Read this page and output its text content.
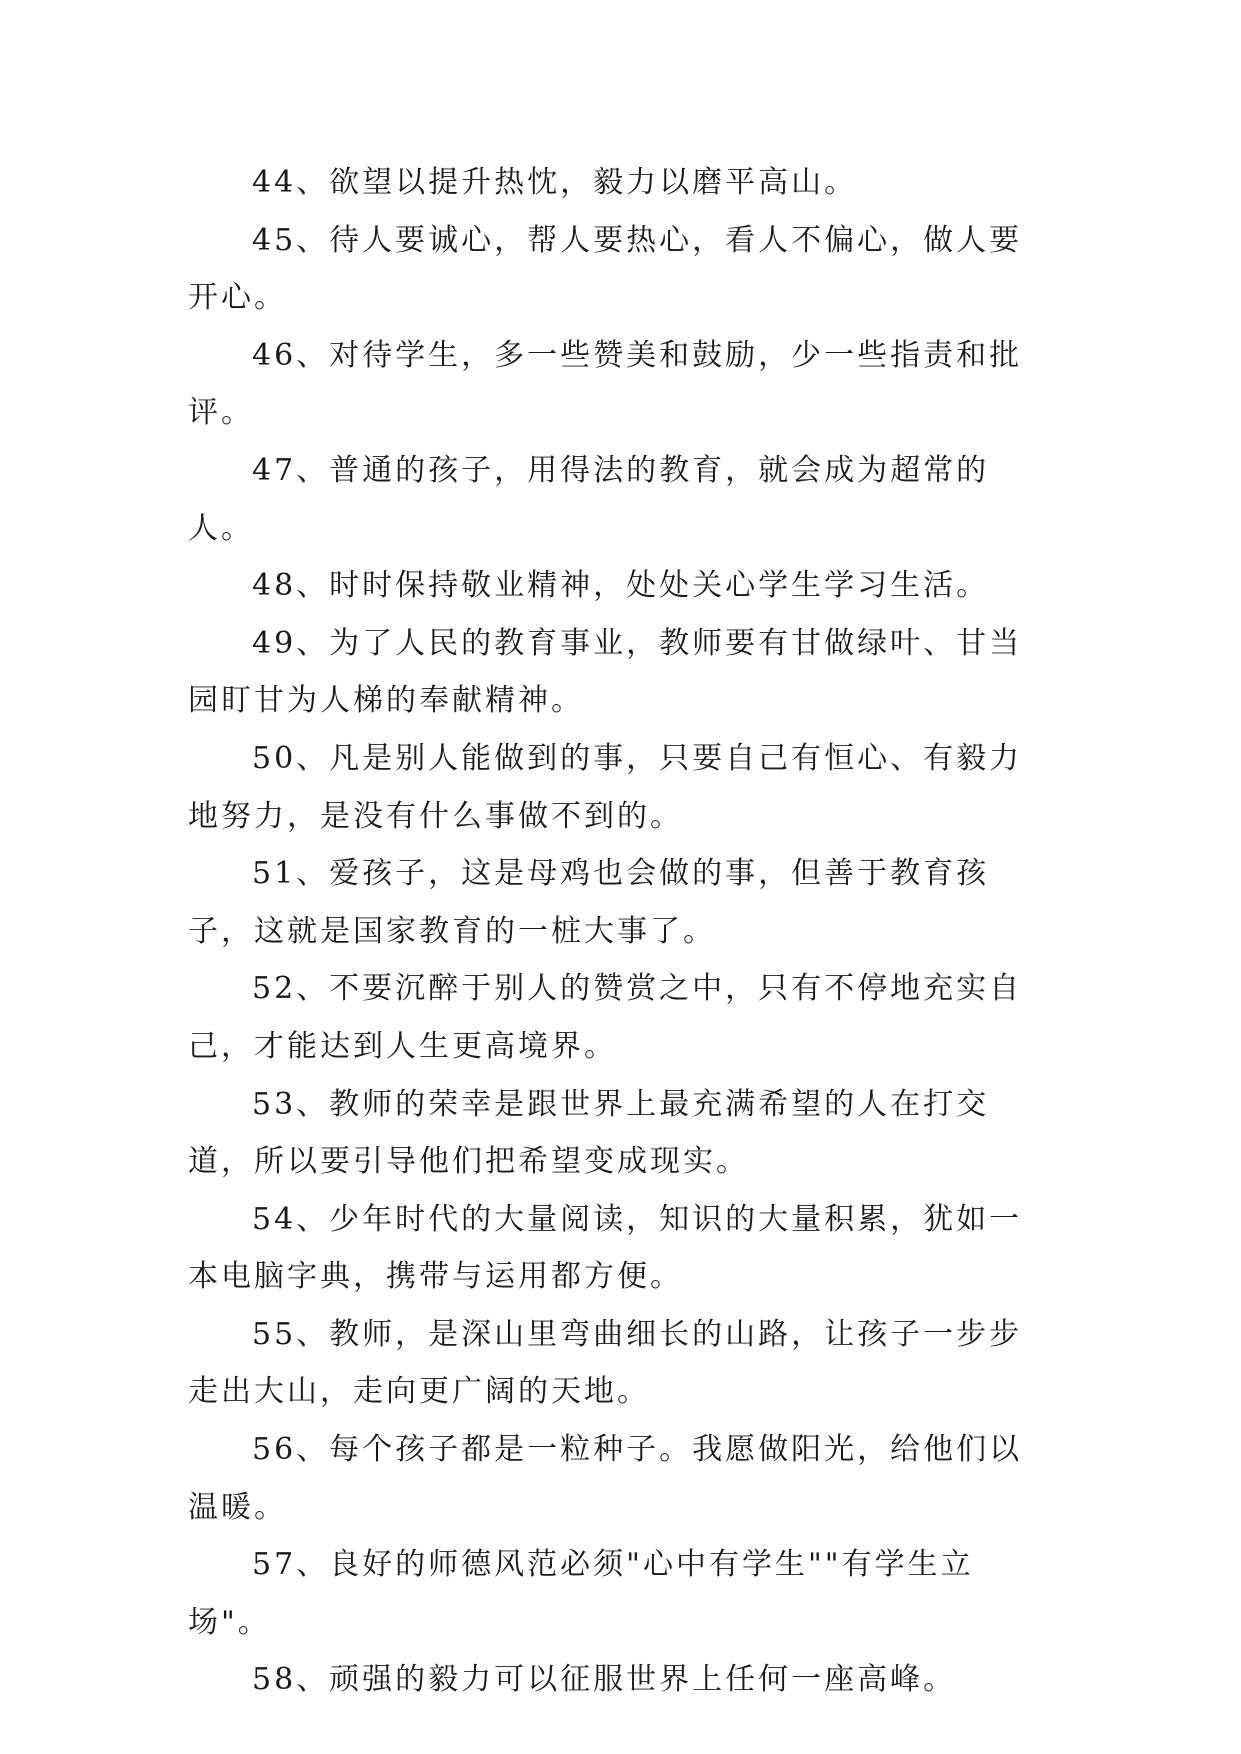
44、欲望以提升热忱，毅力以磨平高山。

45、待人要诚心，帮人要热心，看人不偏心，做人要开心。

46、对待学生，多一些赞美和鼓励，少一些指责和批评。

47、普通的孩子，用得法的教育，就会成为超常的人。

48、时时保持敬业精神，处处关心学生学习生活。

49、为了人民的教育事业，教师要有甘做绿叶、甘当园盯甘为人梯的奉献精神。

50、凡是别人能做到的事，只要自己有恒心、有毅力地努力，是没有什么事做不到的。

51、爱孩子，这是母鸡也会做的事，但善于教育孩子，这就是国家教育的一桩大事了。

52、不要沉醉于别人的赞赏之中，只有不停地充实自己，才能达到人生更高境界。

53、教师的荣幸是跟世界上最充满希望的人在打交道，所以要引导他们把希望变成现实。

54、少年时代的大量阅读，知识的大量积累，犹如一本电脑字典，携带与运用都方便。

55、教师，是深山里弯曲细长的山路，让孩子一步步走出大山，走向更广阔的天地。

56、每个孩子都是一粒种子。我愿做阳光，给他们以温暖。

57、良好的师德风范必须"心中有学生""有学生立场"。

58、顽强的毅力可以征服世界上任何一座高峰。
